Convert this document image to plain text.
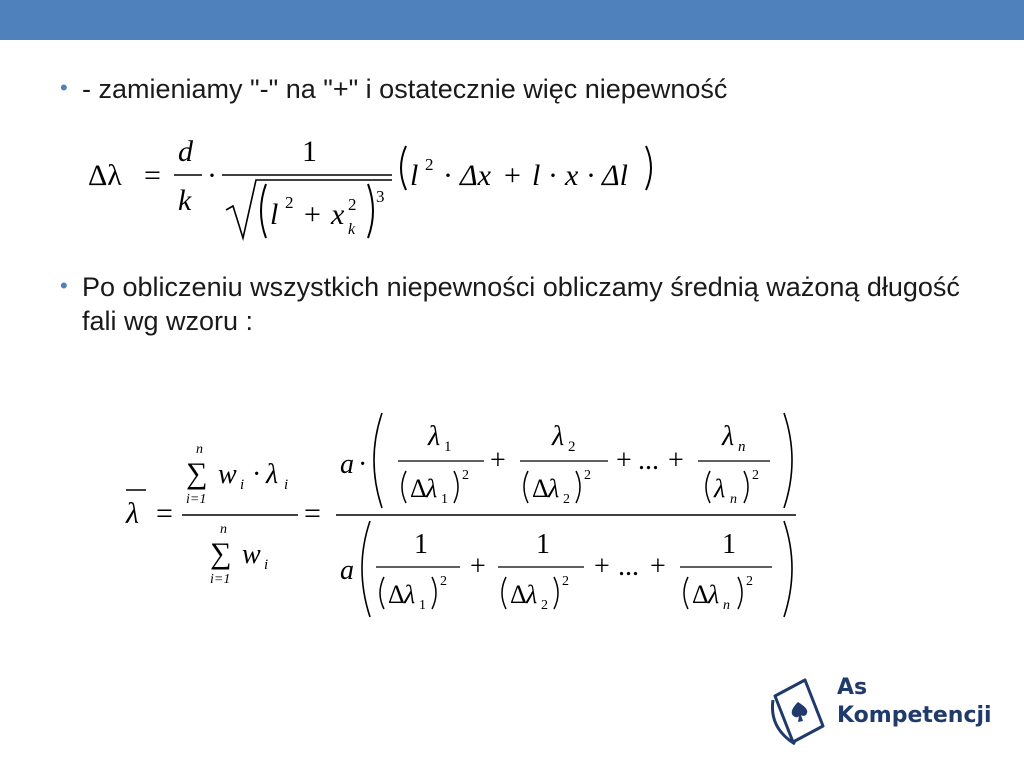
• - zamieniamy "-" na "+" i ostatecznie więc niepewność
Δλ =
d
k
·
1
l 2 + x 2
k
3
l 2 · Δx + l · x · Δl
• Po obliczeniu wszystkich niepewności obliczamy średnią ważoną długość fali wg wzoru :
λ =
n
∑
i=1
w i · λ i
n
∑
i=1
w i
=
a ·
λ 1
Δ λ 1
2 +
λ 2
Δ λ 2
2 + ... +
λ n
λ n
2
a
1
Δ λ 1
2 +
1
Δ λ 2
2 + ... +
1
Δ λ n
2
As
Kompetencji
